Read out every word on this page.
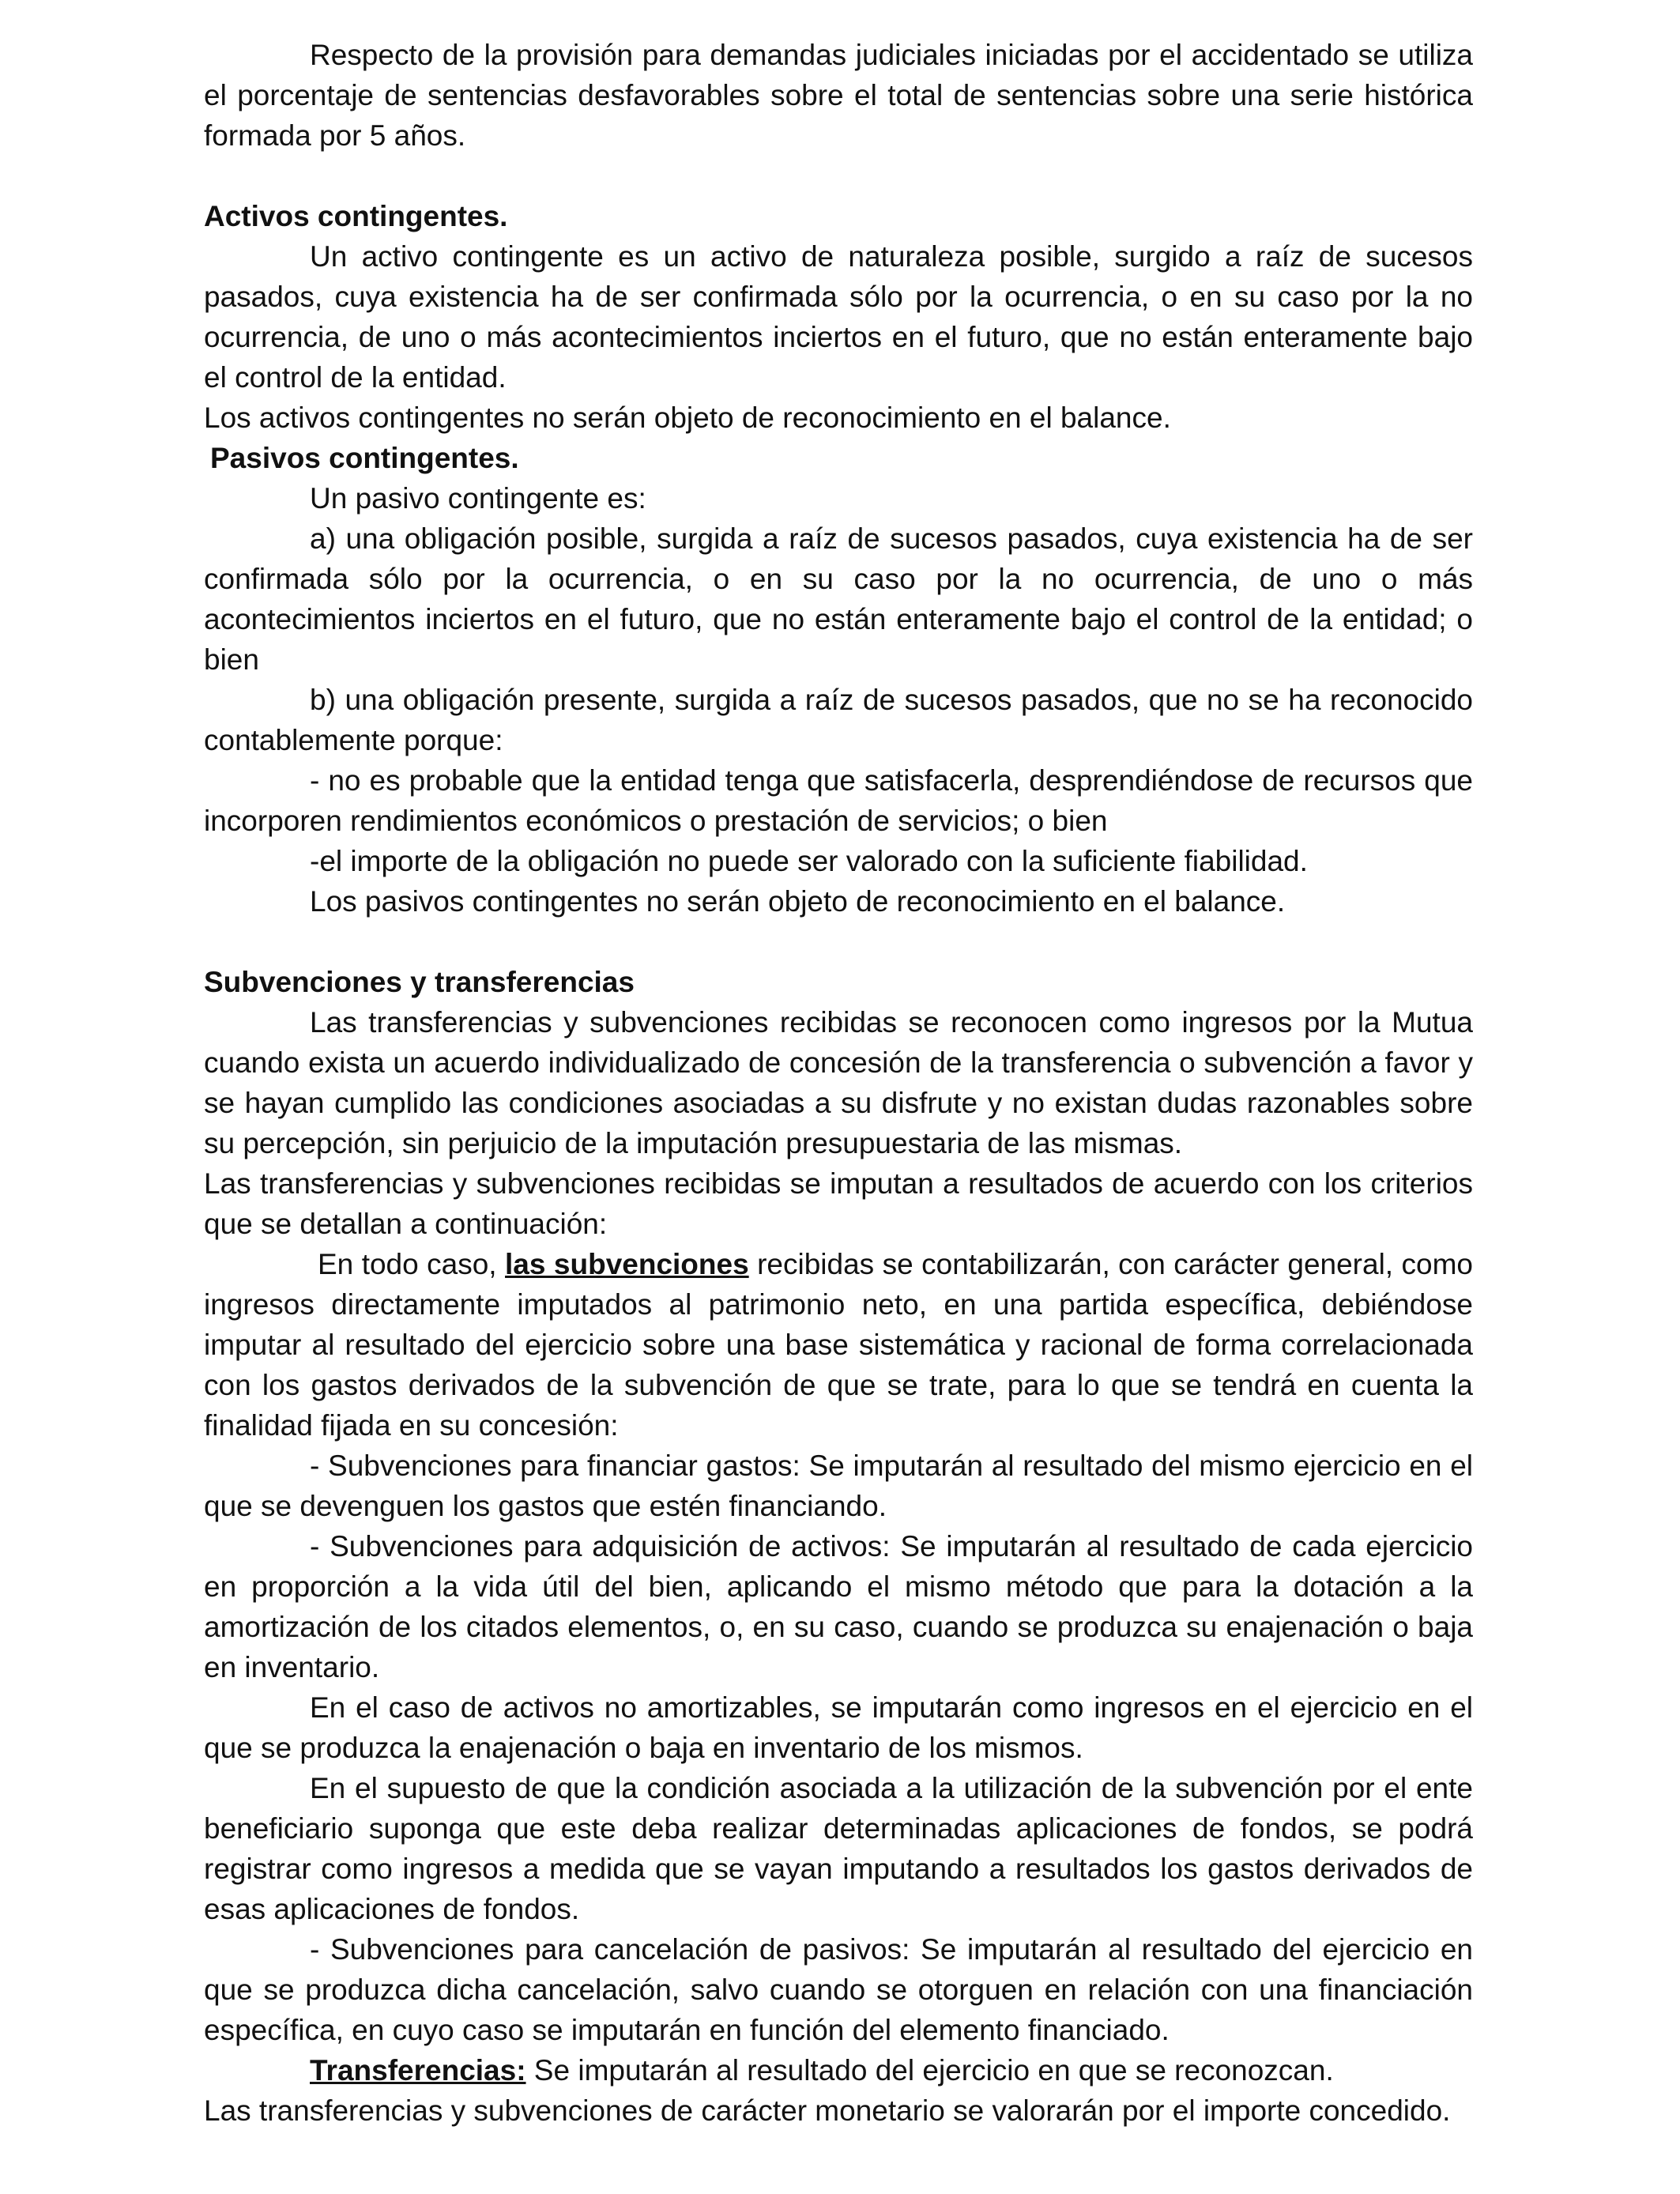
Respecto de la provisión para demandas judiciales iniciadas por el accidentado se utiliza el porcentaje de sentencias desfavorables sobre el total de sentencias sobre una serie histórica formada por 5 años.

Activos contingentes.

Un activo contingente es un activo de naturaleza posible, surgido a raíz de sucesos pasados, cuya existencia ha de ser confirmada sólo por la ocurrencia, o en su caso por la no ocurrencia, de uno o más acontecimientos inciertos en el futuro, que no están enteramente bajo el control de la entidad.

Los activos contingentes no serán objeto de reconocimiento en el balance.

Pasivos contingentes.

Un pasivo contingente es:

a) una obligación posible, surgida a raíz de sucesos pasados, cuya existencia ha de ser confirmada sólo por la ocurrencia, o en su caso por la no ocurrencia, de uno o más acontecimientos inciertos en el futuro, que no están enteramente bajo el control de la entidad; o bien

b) una obligación presente, surgida a raíz de sucesos pasados, que no se ha reconocido contablemente porque:

- no es probable que la entidad tenga que satisfacerla, desprendiéndose de recursos que incorporen rendimientos económicos o prestación de servicios; o bien

-el importe de la obligación no puede ser valorado con la suficiente fiabilidad.

Los pasivos contingentes no serán objeto de reconocimiento en el balance.

Subvenciones y transferencias

Las transferencias y subvenciones recibidas se reconocen como ingresos por la Mutua cuando exista un acuerdo individualizado de concesión de la transferencia o subvención a favor y se hayan cumplido las condiciones asociadas a su disfrute y no existan dudas razonables sobre su percepción, sin perjuicio de la imputación presupuestaria de las mismas.

Las transferencias y subvenciones recibidas se imputan a resultados de acuerdo con los criterios que se detallan a continuación:

En todo caso, las subvenciones recibidas se contabilizarán, con carácter general, como ingresos directamente imputados al patrimonio neto, en una partida específica, debiéndose imputar al resultado del ejercicio sobre una base sistemática y racional de forma correlacionada con los gastos derivados de la subvención de que se trate, para lo que se tendrá en cuenta la finalidad fijada en su concesión:

- Subvenciones para financiar gastos: Se imputarán al resultado del mismo ejercicio en el que se devenguen los gastos que estén financiando.

- Subvenciones para adquisición de activos: Se imputarán al resultado de cada ejercicio en proporción a la vida útil del bien, aplicando el mismo método que para la dotación a la amortización de los citados elementos, o, en su caso, cuando se produzca su enajenación o baja en inventario.

En el caso de activos no amortizables, se imputarán como ingresos en el ejercicio en el que se produzca la enajenación o baja en inventario de los mismos.

En el supuesto de que la condición asociada a la utilización de la subvención por el ente beneficiario suponga que este deba realizar determinadas aplicaciones de fondos, se podrá registrar como ingresos a medida que se vayan imputando a resultados los gastos derivados de esas aplicaciones de fondos.

- Subvenciones para cancelación de pasivos: Se imputarán al resultado del ejercicio en que se produzca dicha cancelación, salvo cuando se otorguen en relación con una financiación específica, en cuyo caso se imputarán en función del elemento financiado.

Transferencias: Se imputarán al resultado del ejercicio en que se reconozcan.

Las transferencias y subvenciones de carácter monetario se valorarán por el importe concedido.
